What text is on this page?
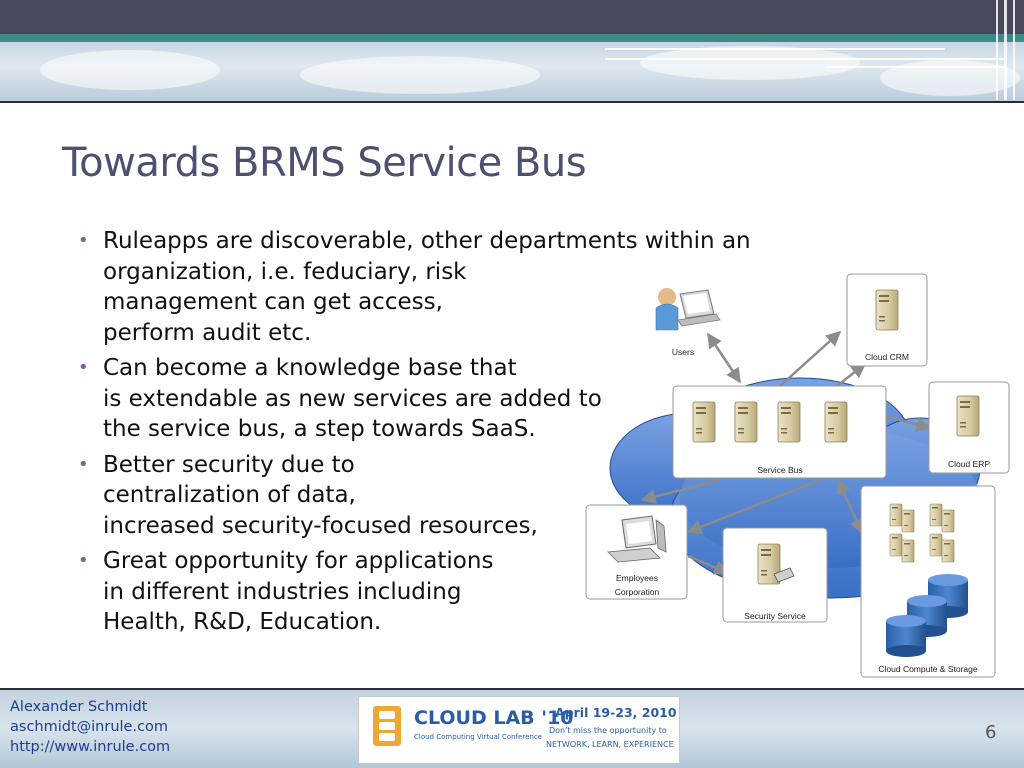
Towards BRMS Service Bus
• Ruleapps are discoverable, other departments within an
organization, i.e. feduciary, risk
management can get access,
perform audit etc.
• Can become a knowledge base that
is extendable as new services are added to
the service bus, a step towards SaaS.
• Better security due to
centralization of data,
increased security-focused resources,
• Great opportunity for applications
in different industries including
Health, R&D, Education.
Users	Cloud CRM
Service Bus
Cloud ERP
Employees
Corporation
Security Service
Cloud Compute & Storage
Alexander Schmidt
aschmidt@inrule.com
http://www.inrule.com
CLOUD LAB '10
Cloud Computing Virtual Conference
April 19-23, 2010
Don't miss the opportunity to
NETWORK, LEARN, EXPERIENCE
6
